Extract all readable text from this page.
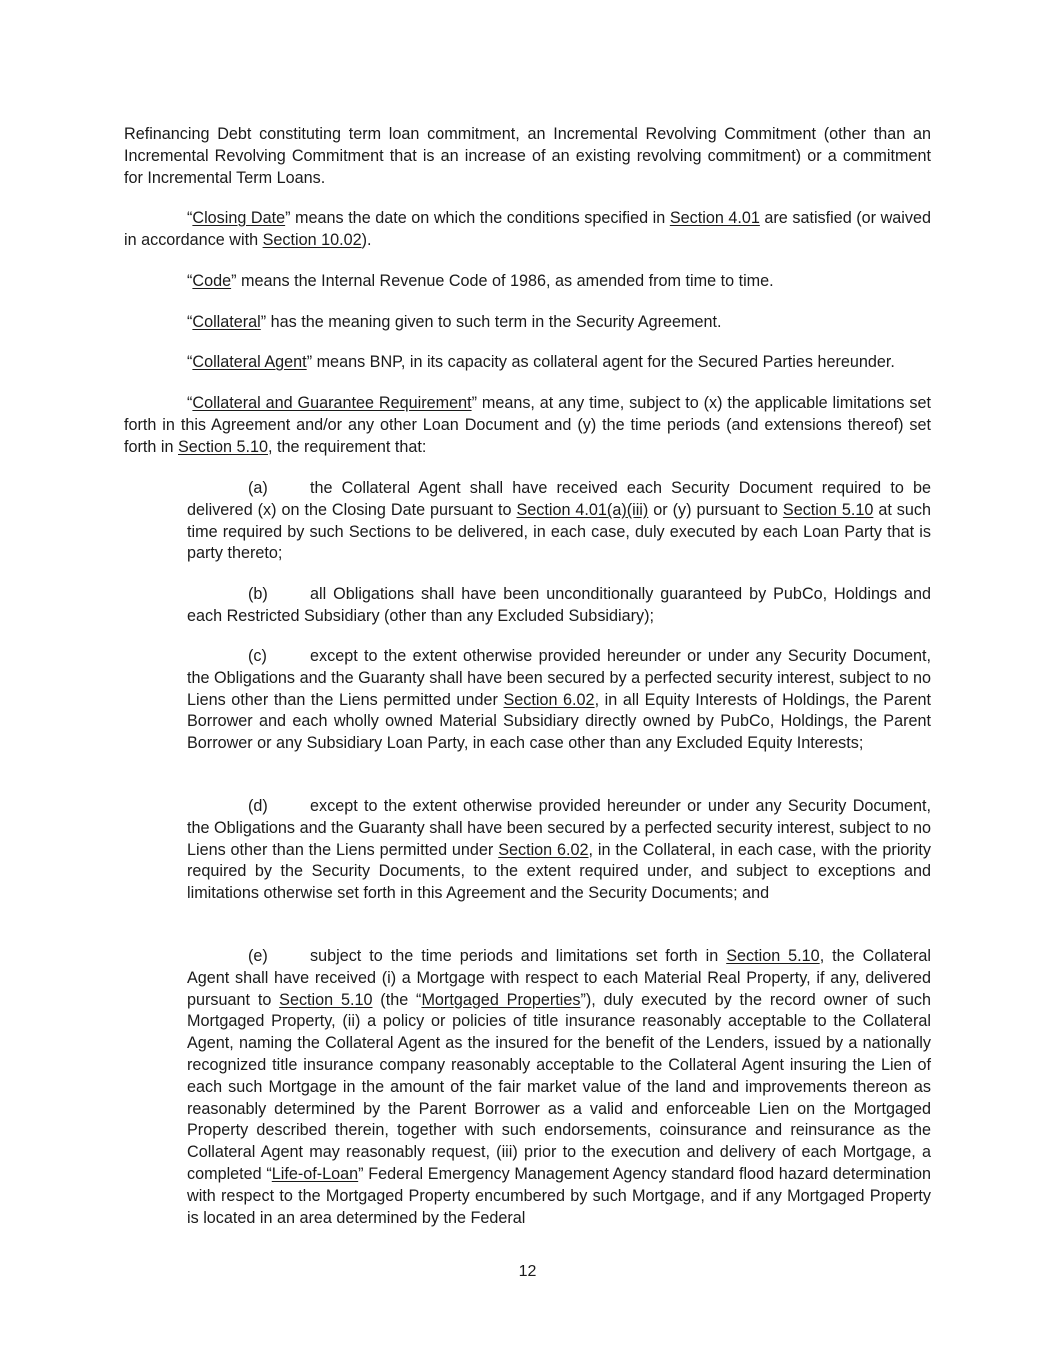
Refinancing Debt constituting term loan commitment, an Incremental Revolving Commitment (other than an Incremental Revolving Commitment that is an increase of an existing revolving commitment) or a commitment for Incremental Term Loans.
“Closing Date” means the date on which the conditions specified in Section 4.01 are satisfied (or waived in accordance with Section 10.02).
“Code” means the Internal Revenue Code of 1986, as amended from time to time.
“Collateral” has the meaning given to such term in the Security Agreement.
“Collateral Agent” means BNP, in its capacity as collateral agent for the Secured Parties hereunder.
“Collateral and Guarantee Requirement” means, at any time, subject to (x) the applicable limitations set forth in this Agreement and/or any other Loan Document and (y) the time periods (and extensions thereof) set forth in Section 5.10, the requirement that:
(a)	the Collateral Agent shall have received each Security Document required to be delivered (x) on the Closing Date pursuant to Section 4.01(a)(iii) or (y) pursuant to Section 5.10 at such time required by such Sections to be delivered, in each case, duly executed by each Loan Party that is party thereto;
(b)	all Obligations shall have been unconditionally guaranteed by PubCo, Holdings and each Restricted Subsidiary (other than any Excluded Subsidiary);
(c)	except to the extent otherwise provided hereunder or under any Security Document, the Obligations and the Guaranty shall have been secured by a perfected security interest, subject to no Liens other than the Liens permitted under Section 6.02, in all Equity Interests of Holdings, the Parent Borrower and each wholly owned Material Subsidiary directly owned by PubCo, Holdings, the Parent Borrower or any Subsidiary Loan Party, in each case other than any Excluded Equity Interests;
(d)	except to the extent otherwise provided hereunder or under any Security Document, the Obligations and the Guaranty shall have been secured by a perfected security interest, subject to no Liens other than the Liens permitted under Section 6.02, in the Collateral, in each case, with the priority required by the Security Documents, to the extent required under, and subject to exceptions and limitations otherwise set forth in this Agreement and the Security Documents; and
(e)	subject to the time periods and limitations set forth in Section 5.10, the Collateral Agent shall have received (i) a Mortgage with respect to each Material Real Property, if any, delivered pursuant to Section 5.10 (the “Mortgaged Properties”), duly executed by the record owner of such Mortgaged Property, (ii) a policy or policies of title insurance reasonably acceptable to the Collateral Agent, naming the Collateral Agent as the insured for the benefit of the Lenders, issued by a nationally recognized title insurance company reasonably acceptable to the Collateral Agent insuring the Lien of each such Mortgage in the amount of the fair market value of the land and improvements thereon as reasonably determined by the Parent Borrower as a valid and enforceable Lien on the Mortgaged Property described therein, together with such endorsements, coinsurance and reinsurance as the Collateral Agent may reasonably request, (iii) prior to the execution and delivery of each Mortgage, a completed “Life-of-Loan” Federal Emergency Management Agency standard flood hazard determination with respect to the Mortgaged Property encumbered by such Mortgage, and if any Mortgaged Property is located in an area determined by the Federal
12
